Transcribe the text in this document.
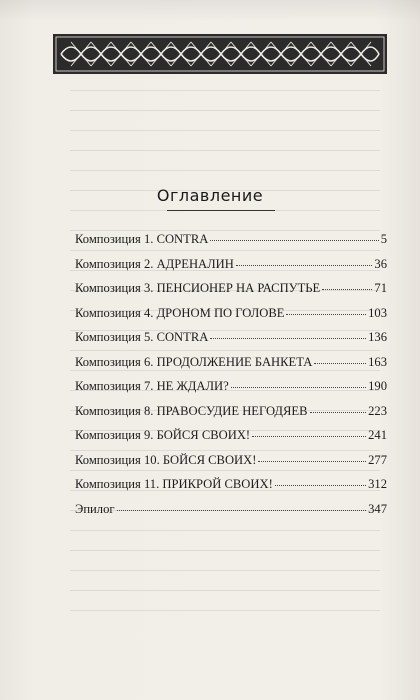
Оглавление
Композиция 1. CONTRA	5
Композиция 2. АДРЕНАЛИН	36
Композиция 3. ПЕНСИОНЕР НА РАСПУТЬЕ	71
Композиция 4. ДРОНОМ ПО ГОЛОВЕ	103
Композиция 5. CONTRA	136
Композиция 6. ПРОДОЛЖЕНИЕ БАНКЕТА	163
Композиция 7. НЕ ЖДАЛИ?	190
Композиция 8. ПРАВОСУДИЕ НЕГОДЯЕВ	223
Композиция 9. БОЙСЯ СВОИХ!	241
Композиция 10. БОЙСЯ СВОИХ!	277
Композиция 11. ПРИКРОЙ СВОИХ!	312
Эпилог	347
